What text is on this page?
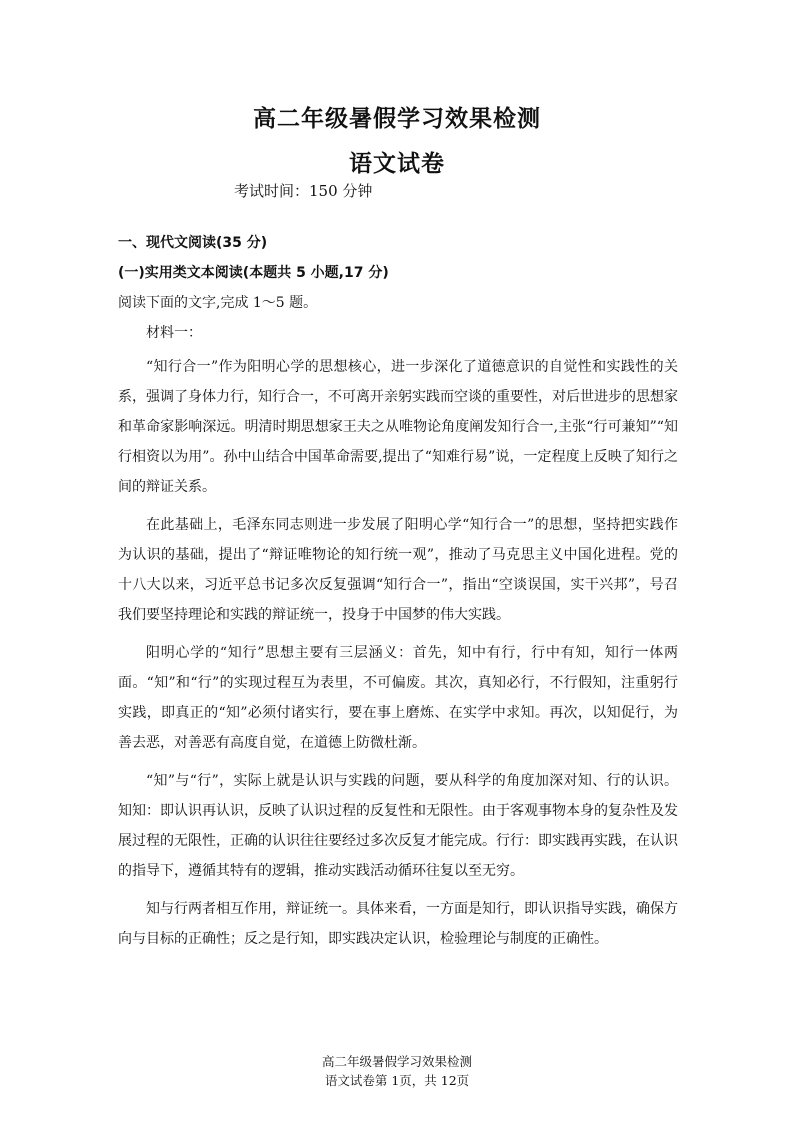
高二年级暑假学习效果检测
语文试卷
考试时间：150 分钟
一、现代文阅读(35 分)
(一)实用类文本阅读(本题共 5 小题,17 分)
阅读下面的文字,完成 1～5 题。
材料一：

“知行合一”作为阳明心学的思想核心，进一步深化了道德意识的自觉性和实践性的关系，强调了身体力行，知行合一，不可离开亲躬实践而空谈的重要性，对后世进步的思想家和革命家影响深远。明清时期思想家王夫之从唯物论角度阐发知行合一,主张“行可兼知”“知行相资以为用”。孙中山结合中国革命需要,提出了“知难行易”说，一定程度上反映了知行之间的辩证关系。

在此基础上，毛泽东同志则进一步发展了阳明心学“知行合一”的思想，坚持把实践作为认识的基础，提出了“辩证唯物论的知行统一观”，推动了马克思主义中国化进程。党的十八大以来，习近平总书记多次反复强调“知行合一”，指出“空谈误国，实干兴邦”，号召我们要坚持理论和实践的辩证统一，投身于中国梦的伟大实践。

阳明心学的“知行”思想主要有三层涵义：首先，知中有行，行中有知，知行一体两面。“知”和“行”的实现过程互为表里，不可偏废。其次，真知必行，不行假知，注重躬行实践，即真正的“知”必须付诸实行，要在事上磨炼、在实学中求知。再次，以知促行，为善去恶，对善恶有高度自觉，在道德上防微杜渐。

“知”与“行”，实际上就是认识与实践的问题，要从科学的角度加深对知、行的认识。知知：即认识再认识，反映了认识过程的反复性和无限性。由于客观事物本身的复杂性及发展过程的无限性，正确的认识往往要经过多次反复才能完成。行行：即实践再实践，在认识的指导下，遵循其特有的逻辑，推动实践活动循环往复以至无穷。

知与行两者相互作用，辩证统一。具体来看，一方面是知行，即认识指导实践，确保方向与目标的正确性；反之是行知，即实践决定认识，检验理论与制度的正确性。

高二年级暑假学习效果检测
语文试卷第 1页，共 12页
